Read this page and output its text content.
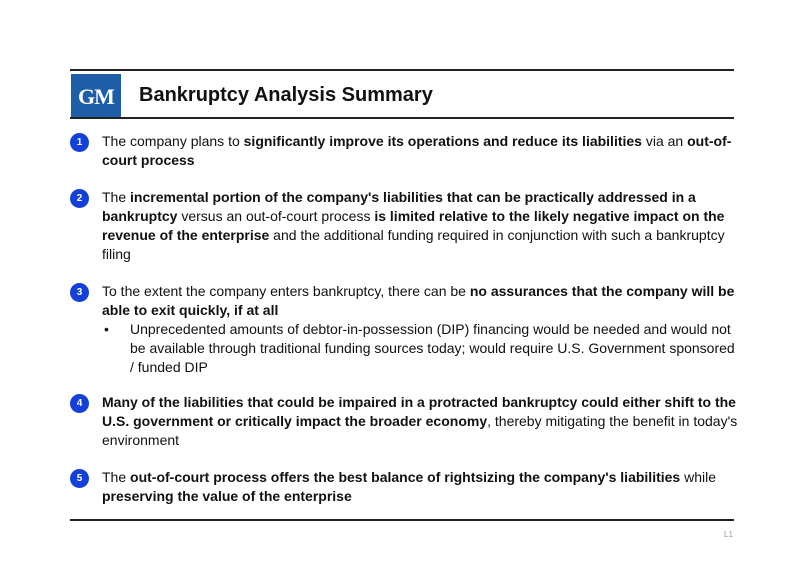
GM Bankruptcy Analysis Summary
1	The company plans to significantly improve its operations and reduce its liabilities via an out-of-court process
2	The incremental portion of the company's liabilities that can be practically addressed in a bankruptcy versus an out-of-court process is limited relative to the likely negative impact on the revenue of the enterprise and the additional funding required in conjunction with such a bankruptcy filing
3	To the extent the company enters bankruptcy, there can be no assurances that the company will be able to exit quickly, if at all
• Unprecedented amounts of debtor-in-possession (DIP) financing would be needed and would not be available through traditional funding sources today; would require U.S. Government sponsored / funded DIP
4	Many of the liabilities that could be impaired in a protracted bankruptcy could either shift to the U.S. government or critically impact the broader economy, thereby mitigating the benefit in today's environment
5	The out-of-court process offers the best balance of rightsizing the company's liabilities while preserving the value of the enterprise
L1
